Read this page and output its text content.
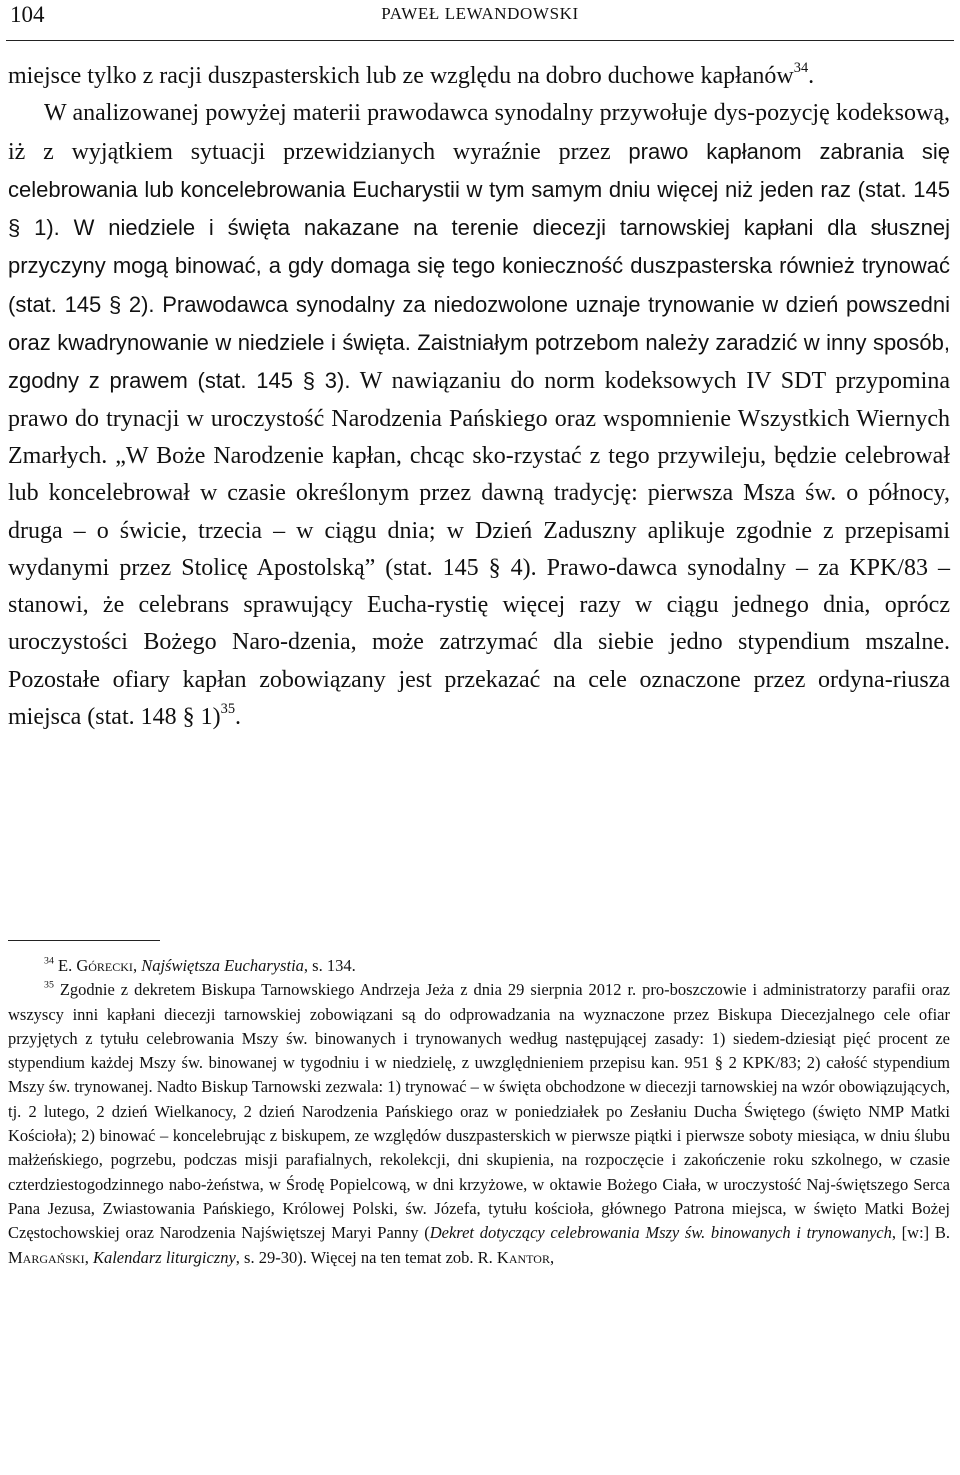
104	PAWEŁ LEWANDOWSKI

miejsce tylko z racji duszpasterskich lub ze względu na dobro duchowe kapłanów$^{34}$.

W analizowanej powyżej materii prawodawca synodalny przywołuje dys-pozycję kodeksową, iż z wyjątkiem sytuacji przewidzianych wyraźnie przez prawo kapłanom zabrania się celebrowania lub koncelebrowania Eucharystii w tym samym dniu więcej niż jeden raz (stat. 145 § 1). W niedziele i święta nakazane na terenie diecezji tarnowskiej kapłani dla słusznej przyczyny mogą binować, a gdy domaga się tego konieczność duszpasterska również trynować (stat. 145 § 2). Prawodawca synodalny za niedozwolone uznaje trynowanie w dzień powszedni oraz kwadrynowanie w niedziele i święta. Zaistniałym potrzebom należy zaradzić w inny sposób, zgodny z prawem (stat. 145 § 3). W nawiązaniu do norm kodeksowych IV SDT przypomina prawo do trynacji w uroczystość Narodzenia Pańskiego oraz wspomnienie Wszystkich Wiernych Zmarłych. „W Boże Narodzenie kapłan, chcąc sko-rzystać z tego przywileju, będzie celebrował lub koncelebrował w czasie określonym przez dawną tradycję: pierwsza Msza św. o północy, druga – o świcie, trzecia – w ciągu dnia; w Dzień Zaduszny aplikuje zgodnie z przepisami wydanymi przez Stolicę Apostolską” (stat. 145 § 4). Prawo-dawca synodalny – za KPK/83 – stanowi, że celebrans sprawujący Eucha-rystię więcej razy w ciągu jednego dnia, oprócz uroczystości Bożego Naro-dzenia, może zatrzymać dla siebie jedno stypendium mszalne. Pozostałe ofiary kapłan zobowiązany jest przekazać na cele oznaczone przez ordyna-riusza miejsca (stat. 148 § 1)$^{35}$.

$^{34}$ E. Górecki, Najświętsza Eucharystia, s. 134.

$^{35}$ Zgodnie z dekretem Biskupa Tarnowskiego Andrzeja Jeża z dnia 29 sierpnia 2012 r. pro-boszczowie i administratorzy parafii oraz wszyscy inni kapłani diecezji tarnowskiej zobowiązani są do odprowadzania na wyznaczone przez Biskupa Diecezjalnego cele ofiar przyjętych z tytułu celebrowania Mszy św. binowanych i trynowanych według następującej zasady: 1) siedem-dziesiąt pięć procent ze stypendium każdej Mszy św. binowanej w tygodniu i w niedzielę, z uwzględnieniem przepisu kan. 951 § 2 KPK/83; 2) całość stypendium Mszy św. trynowanej. Nadto Biskup Tarnowski zezwala: 1) trynować – w święta obchodzone w diecezji tarnowskiej na wzór obowiązujących, tj. 2 lutego, 2 dzień Wielkanocy, 2 dzień Narodzenia Pańskiego oraz w poniedziałek po Zesłaniu Ducha Świętego (święto NMP Matki Kościoła); 2) binować – koncelebrując z biskupem, ze względów duszpasterskich w pierwsze piątki i pierwsze soboty miesiąca, w dniu ślubu małżeńskiego, pogrzebu, podczas misji parafialnych, rekolekcji, dni skupienia, na rozpoczęcie i zakończenie roku szkolnego, w czasie czterdziestogodzinnego nabo-żeństwa, w Środę Popielcową, w dni krzyżowe, w oktawie Bożego Ciała, w uroczystość Naj-świętszego Serca Pana Jezusa, Zwiastowania Pańskiego, Królowej Polski, św. Józefa, tytułu kościoła, głównego Patrona miejsca, w święto Matki Bożej Częstochowskiej oraz Narodzenia Najświętszej Maryi Panny (Dekret dotyczący celebrowania Mszy św. binowanych i trynowanych, [w:] B. Margański, Kalendarz liturgiczny, s. 29-30). Więcej na ten temat zob. R. Kantor,
